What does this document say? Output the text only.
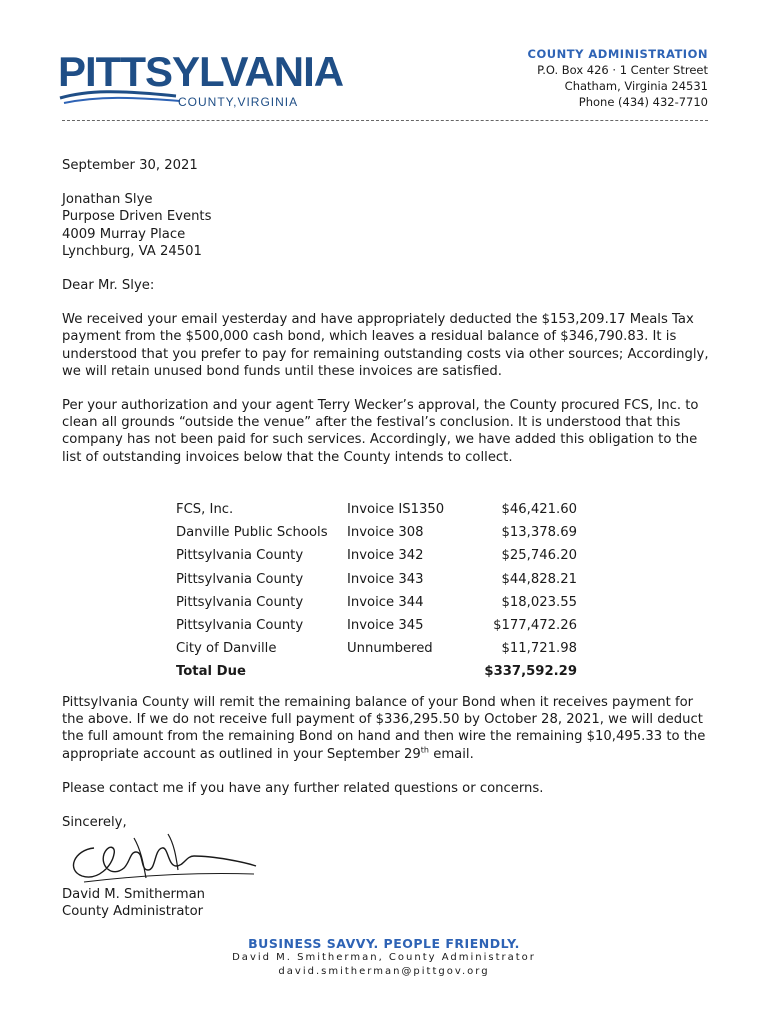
PITTSYLVANIA
COUNTY,VIRGINIA
COUNTY ADMINISTRATION
P.O. Box 426 · 1 Center Street
Chatham, Virginia 24531
Phone (434) 432-7710

September 30, 2021

Jonathan Slye

Purpose Driven Events

4009 Murray Place

Lynchburg, VA 24501

Dear Mr. Slye:

We received your email yesterday and have appropriately deducted the $153,209.17 Meals Tax payment from the $500,000 cash bond, which leaves a residual balance of $346,790.83. It is understood that you prefer to pay for remaining outstanding costs via other sources; Accordingly, we will retain unused bond funds until these invoices are satisfied.

Per your authorization and your agent Terry Wecker’s approval, the County procured FCS, Inc. to clean all grounds “outside the venue” after the festival’s conclusion. It is understood that this company has not been paid for such services. Accordingly, we have added this obligation to the list of outstanding invoices below that the County intends to collect.

FCS, Inc.	Invoice IS1350	$46,421.60
Danville Public Schools	Invoice 308	$13,378.69
Pittsylvania County	Invoice 342	$25,746.20
Pittsylvania County	Invoice 343	$44,828.21
Pittsylvania County	Invoice 344	$18,023.55
Pittsylvania County	Invoice 345	$177,472.26
City of Danville	Unnumbered	$11,721.98
Total Due		$337,592.29

Pittsylvania County will remit the remaining balance of your Bond when it receives payment for the above. If we do not receive full payment of $336,295.50 by October 28, 2021, we will deduct the full amount from the remaining Bond on hand and then wire the remaining $10,495.33 to the appropriate account as outlined in your September 29th email.

Please contact me if you have any further related questions or concerns.

Sincerely,

David M. Smitherman
County Administrator
BUSINESS SAVVY. PEOPLE FRIENDLY.
David M. Smitherman, County Administrator
david.smitherman@pittgov.org
